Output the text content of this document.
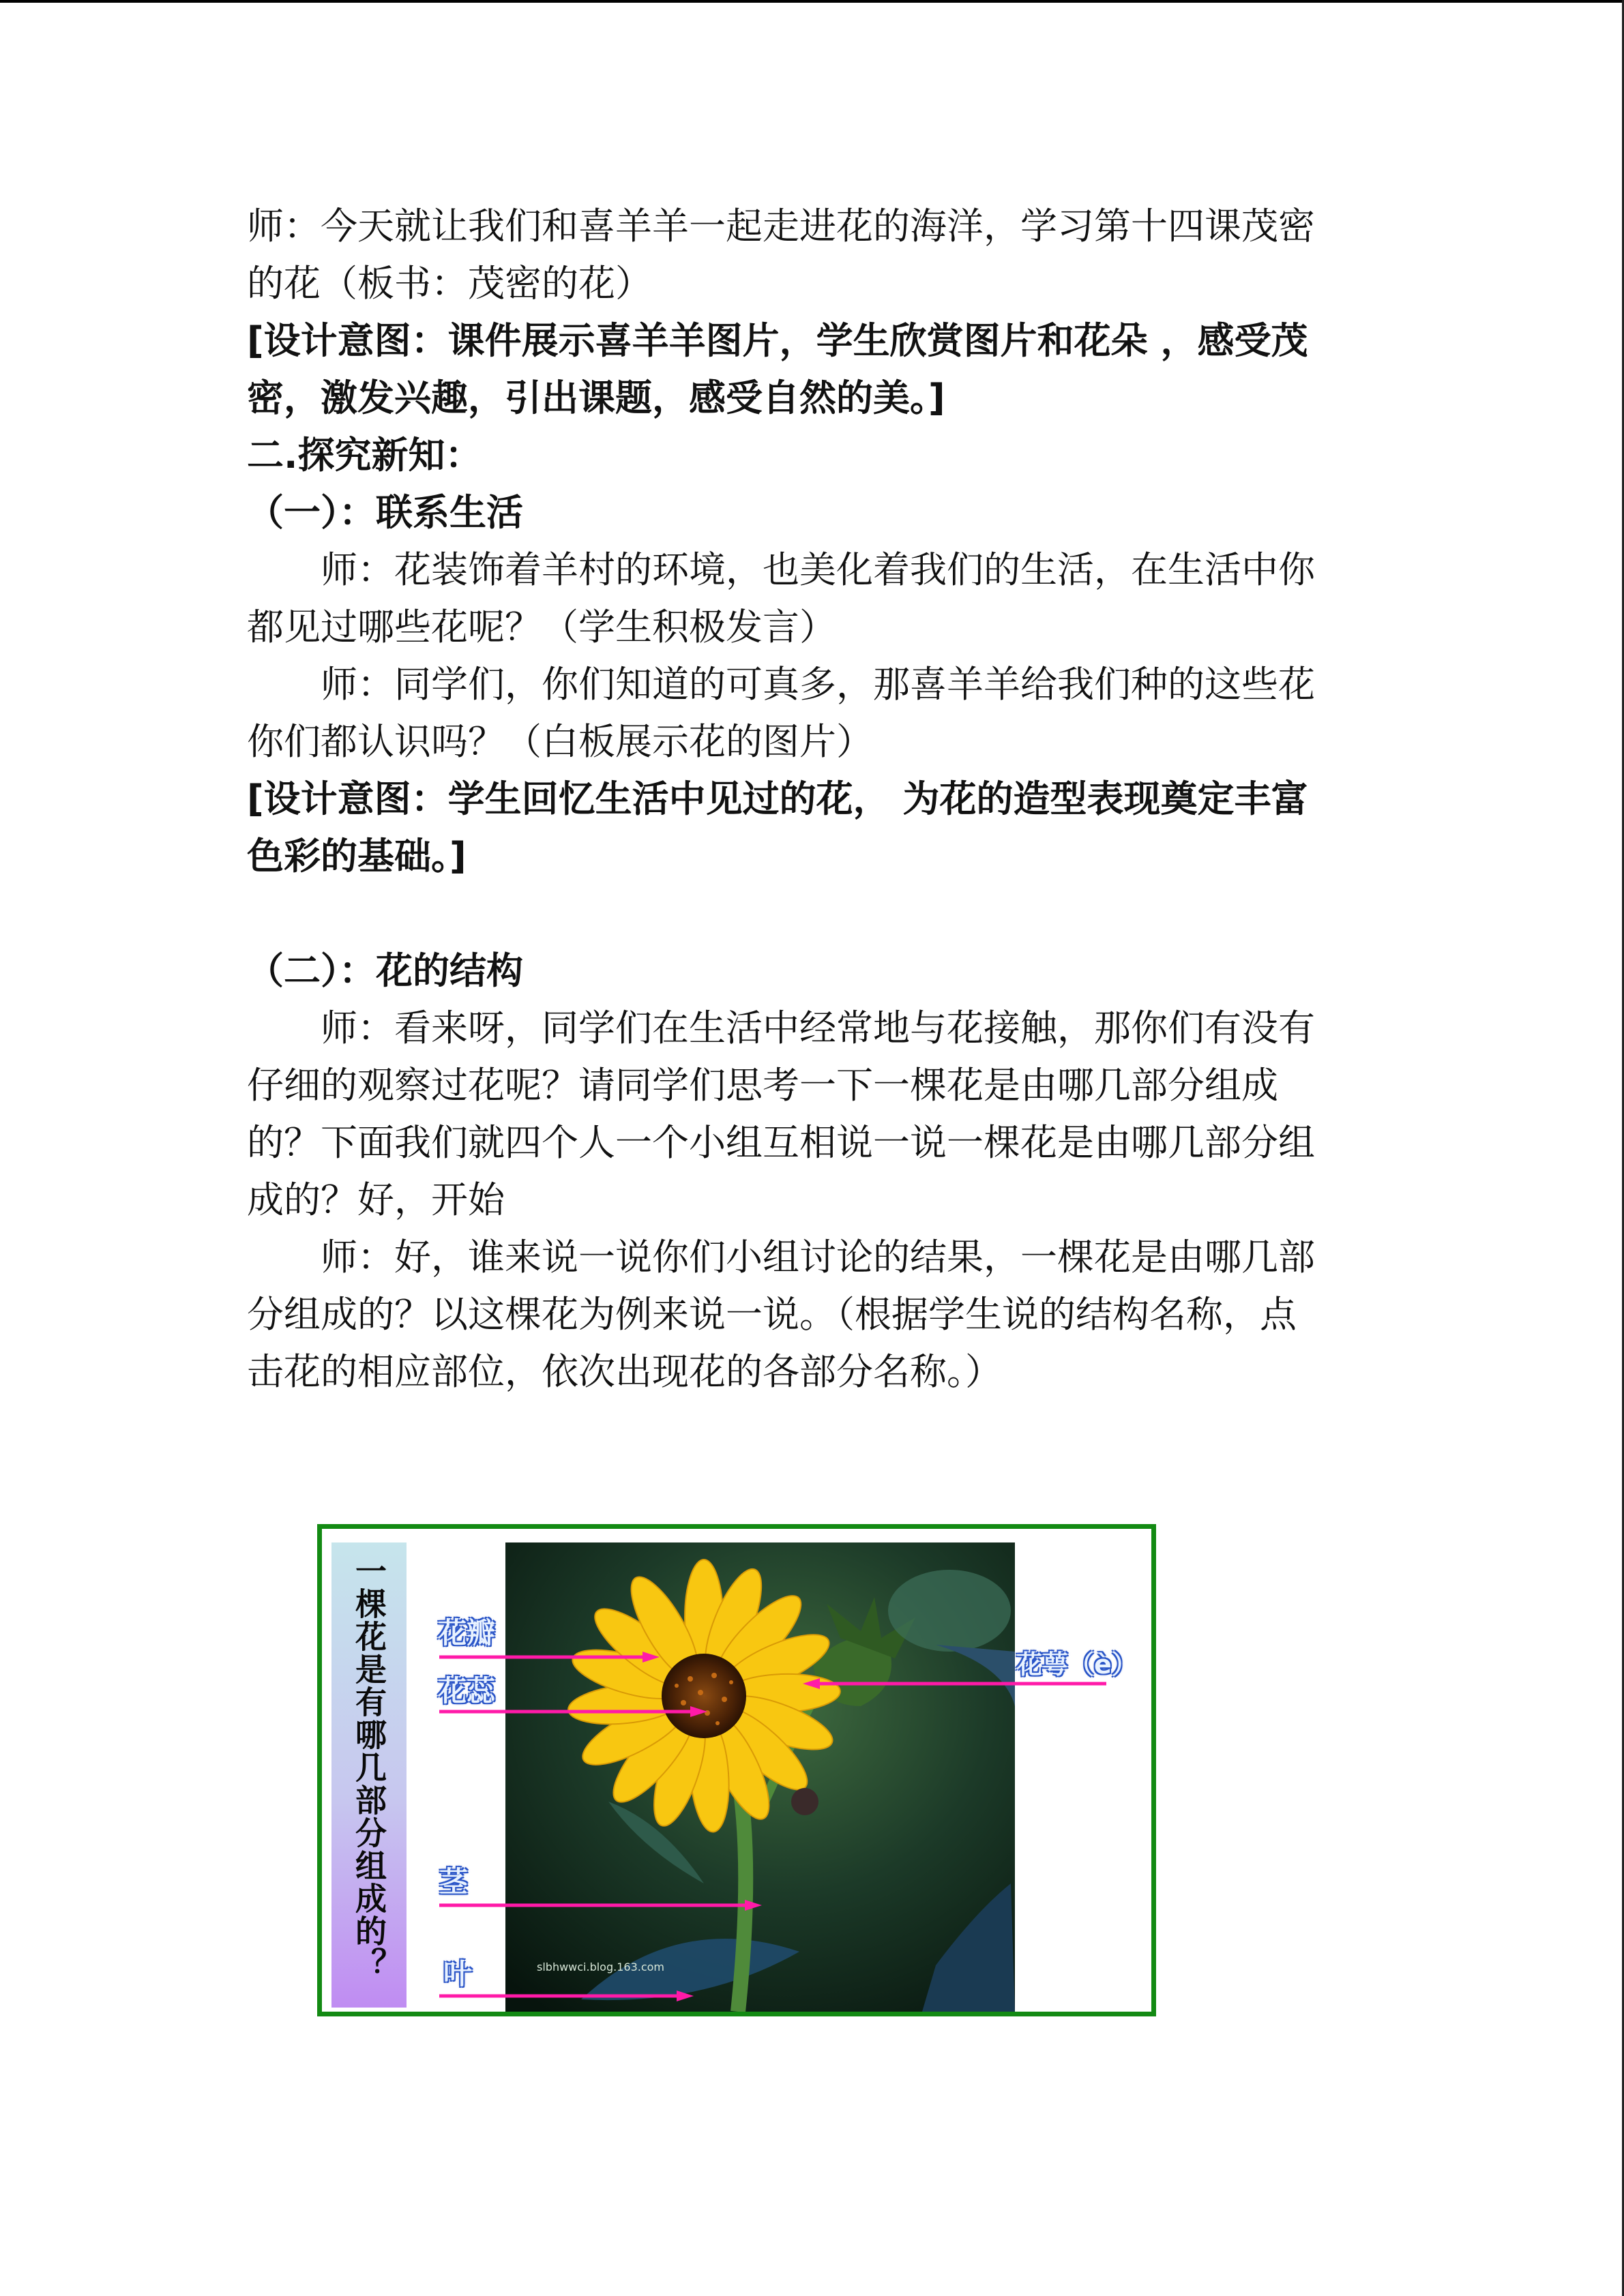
师：今天就让我们和喜羊羊一起走进花的海洋，学习第十四课茂密
的花（板书：茂密的花）
[设计意图：课件展示喜羊羊图片，学生欣赏图片和花朵 ，感受茂
密，激发兴趣，引出课题，感受自然的美。]
二.探究新知：
（一）：联系生活
师：花装饰着羊村的环境，也美化着我们的生活，在生活中你
都见过哪些花呢？（学生积极发言）
师：同学们，你们知道的可真多，那喜羊羊给我们种的这些花
你们都认识吗？（白板展示花的图片）
[设计意图：学生回忆生活中见过的花， 为花的造型表现奠定丰富
色彩的基础。]
（二）：花的结构
师：看来呀，同学们在生活中经常地与花接触，那你们有没有
仔细的观察过花呢？请同学们思考一下一棵花是由哪几部分组成
的？下面我们就四个人一个小组互相说一说一棵花是由哪几部分组
成的？好，开始
师：好，谁来说一说你们小组讨论的结果，一棵花是由哪几部
分组成的？以这棵花为例来说一说。（根据学生说的结构名称，点
击花的相应部位，依次出现花的各部分名称。）
一棵花是有哪几部分组成的？ 花瓣
花蕊
花萼（è）
茎
叶	slbhwwci.blog.163.com
